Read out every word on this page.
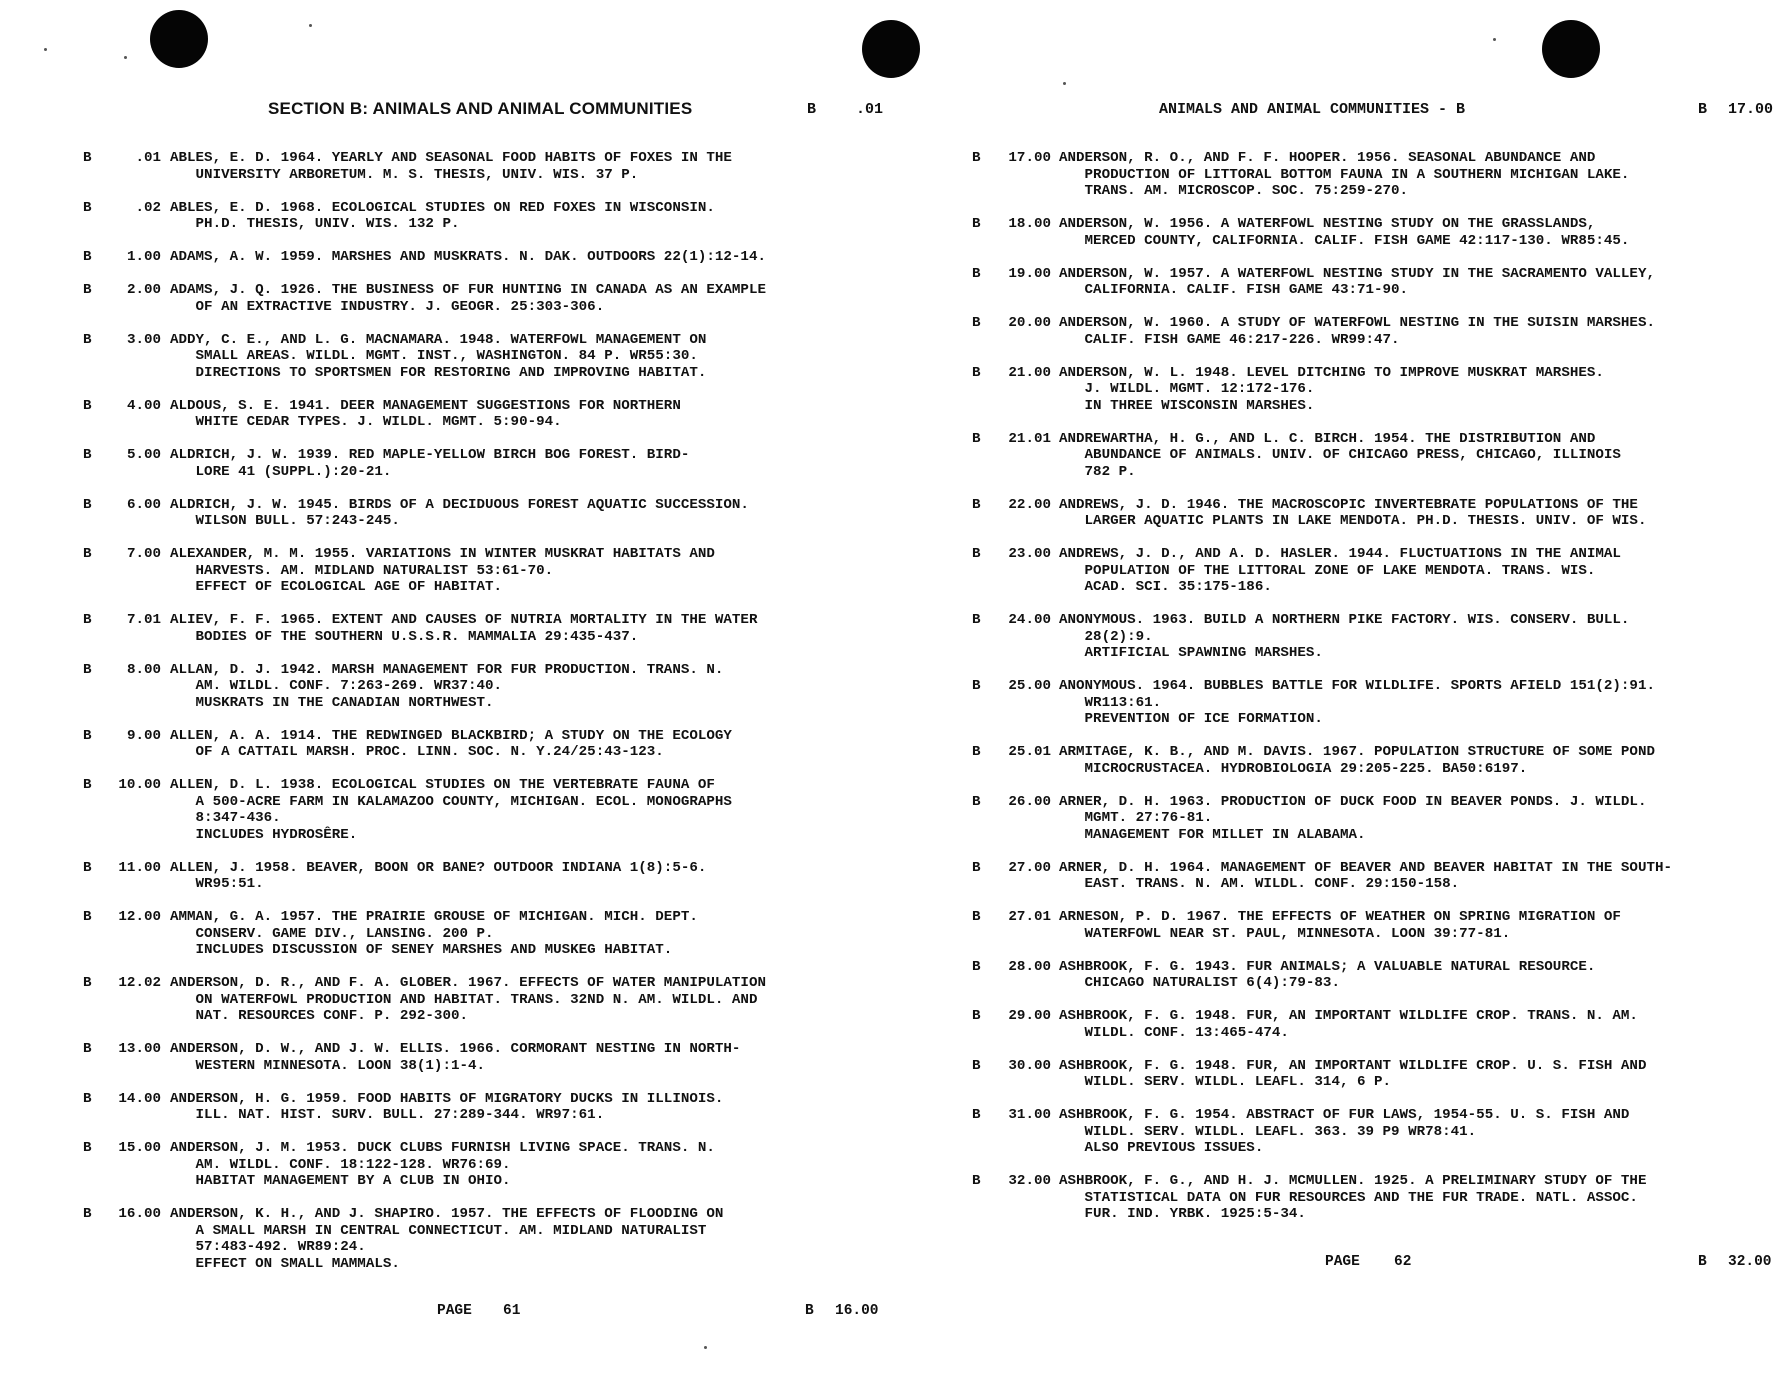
SECTION B: ANIMALS AND ANIMAL COMMUNITIES	B	.01
B	.01 ABLES, E. D. 1964. YEARLY AND SEASONAL FOOD HABITS OF FOXES IN THE
UNIVERSITY ARBORETUM. M. S. THESIS, UNIV. WIS. 37 P.
B	.02 ABLES, E. D. 1968. ECOLOGICAL STUDIES ON RED FOXES IN WISCONSIN.
PH.D. THESIS, UNIV. WIS. 132 P.
B	1.00 ADAMS, A. W. 1959. MARSHES AND MUSKRATS. N. DAK. OUTDOORS 22(1):12-14.
B	2.00 ADAMS, J. Q. 1926. THE BUSINESS OF FUR HUNTING IN CANADA AS AN EXAMPLE
OF AN EXTRACTIVE INDUSTRY. J. GEOGR. 25:303-306.
B	3.00 ADDY, C. E., AND L. G. MACNAMARA. 1948. WATERFOWL MANAGEMENT ON
SMALL AREAS. WILDL. MGMT. INST., WASHINGTON. 84 P. WR55:30.
DIRECTIONS TO SPORTSMEN FOR RESTORING AND IMPROVING HABITAT.
B	4.00 ALDOUS, S. E. 1941. DEER MANAGEMENT SUGGESTIONS FOR NORTHERN
WHITE CEDAR TYPES. J. WILDL. MGMT. 5:90-94.
B	5.00 ALDRICH, J. W. 1939. RED MAPLE-YELLOW BIRCH BOG FOREST. BIRD-
LORE 41 (SUPPL.):20-21.
B	6.00 ALDRICH, J. W. 1945. BIRDS OF A DECIDUOUS FOREST AQUATIC SUCCESSION.
WILSON BULL. 57:243-245.
B	7.00 ALEXANDER, M. M. 1955. VARIATIONS IN WINTER MUSKRAT HABITATS AND
HARVESTS. AM. MIDLAND NATURALIST 53:61-70.
EFFECT OF ECOLOGICAL AGE OF HABITAT.
B	7.01 ALIEV, F. F. 1965. EXTENT AND CAUSES OF NUTRIA MORTALITY IN THE WATER
BODIES OF THE SOUTHERN U.S.S.R. MAMMALIA 29:435-437.
B	8.00 ALLAN, D. J. 1942. MARSH MANAGEMENT FOR FUR PRODUCTION. TRANS. N.
AM. WILDL. CONF. 7:263-269. WR37:40.
MUSKRATS IN THE CANADIAN NORTHWEST.
B	9.00 ALLEN, A. A. 1914. THE REDWINGED BLACKBIRD; A STUDY ON THE ECOLOGY
OF A CATTAIL MARSH. PROC. LINN. SOC. N. Y.24/25:43-123.
B	10.00 ALLEN, D. L. 1938. ECOLOGICAL STUDIES ON THE VERTEBRATE FAUNA OF
A 500-ACRE FARM IN KALAMAZOO COUNTY, MICHIGAN. ECOL. MONOGRAPHS
8:347-436.
INCLUDES HYDROSÊRE.
B	11.00 ALLEN, J. 1958. BEAVER, BOON OR BANE? OUTDOOR INDIANA 1(8):5-6.
WR95:51.
B	12.00 AMMAN, G. A. 1957. THE PRAIRIE GROUSE OF MICHIGAN. MICH. DEPT.
CONSERV. GAME DIV., LANSING. 200 P.
INCLUDES DISCUSSION OF SENEY MARSHES AND MUSKEG HABITAT.
B	12.02 ANDERSON, D. R., AND F. A. GLOBER. 1967. EFFECTS OF WATER MANIPULATION
ON WATERFOWL PRODUCTION AND HABITAT. TRANS. 32ND N. AM. WILDL. AND
NAT. RESOURCES CONF. P. 292-300.
B	13.00 ANDERSON, D. W., AND J. W. ELLIS. 1966. CORMORANT NESTING IN NORTH-
WESTERN MINNESOTA. LOON 38(1):1-4.
B	14.00 ANDERSON, H. G. 1959. FOOD HABITS OF MIGRATORY DUCKS IN ILLINOIS.
ILL. NAT. HIST. SURV. BULL. 27:289-344. WR97:61.
B	15.00 ANDERSON, J. M. 1953. DUCK CLUBS FURNISH LIVING SPACE. TRANS. N.
AM. WILDL. CONF. 18:122-128. WR76:69.
HABITAT MANAGEMENT BY A CLUB IN OHIO.
B	16.00 ANDERSON, K. H., AND J. SHAPIRO. 1957. THE EFFECTS OF FLOODING ON
A SMALL MARSH IN CENTRAL CONNECTICUT. AM. MIDLAND NATURALIST
57:483-492. WR89:24.
EFFECT ON SMALL MAMMALS.
PAGE 61	B 16.00
ANIMALS AND ANIMAL COMMUNITIES - B	B 17.00
B	17.00 ANDERSON, R. O., AND F. F. HOOPER. 1956. SEASONAL ABUNDANCE AND
PRODUCTION OF LITTORAL BOTTOM FAUNA IN A SOUTHERN MICHIGAN LAKE.
TRANS. AM. MICROSCOP. SOC. 75:259-270.
B	18.00 ANDERSON, W. 1956. A WATERFOWL NESTING STUDY ON THE GRASSLANDS,
MERCED COUNTY, CALIFORNIA. CALIF. FISH GAME 42:117-130. WR85:45.
B	19.00 ANDERSON, W. 1957. A WATERFOWL NESTING STUDY IN THE SACRAMENTO VALLEY,
CALIFORNIA. CALIF. FISH GAME 43:71-90.
B	20.00 ANDERSON, W. 1960. A STUDY OF WATERFOWL NESTING IN THE SUISIN MARSHES.
CALIF. FISH GAME 46:217-226. WR99:47.
B	21.00 ANDERSON, W. L. 1948. LEVEL DITCHING TO IMPROVE MUSKRAT MARSHES.
J. WILDL. MGMT. 12:172-176.
IN THREE WISCONSIN MARSHES.
B	21.01 ANDREWARTHA, H. G., AND L. C. BIRCH. 1954. THE DISTRIBUTION AND
ABUNDANCE OF ANIMALS. UNIV. OF CHICAGO PRESS, CHICAGO, ILLINOIS
782 P.
B	22.00 ANDREWS, J. D. 1946. THE MACROSCOPIC INVERTEBRATE POPULATIONS OF THE
LARGER AQUATIC PLANTS IN LAKE MENDOTA. PH.D. THESIS. UNIV. OF WIS.
B	23.00 ANDREWS, J. D., AND A. D. HASLER. 1944. FLUCTUATIONS IN THE ANIMAL
POPULATION OF THE LITTORAL ZONE OF LAKE MENDOTA. TRANS. WIS.
ACAD. SCI. 35:175-186.
B	24.00 ANONYMOUS. 1963. BUILD A NORTHERN PIKE FACTORY. WIS. CONSERV. BULL.
28(2):9.
ARTIFICIAL SPAWNING MARSHES.
B	25.00 ANONYMOUS. 1964. BUBBLES BATTLE FOR WILDLIFE. SPORTS AFIELD 151(2):91.
WR113:61.
PREVENTION OF ICE FORMATION.
B	25.01 ARMITAGE, K. B., AND M. DAVIS. 1967. POPULATION STRUCTURE OF SOME POND
MICROCRUSTACEA. HYDROBIOLOGIA 29:205-225. BA50:6197.
B	26.00 ARNER, D. H. 1963. PRODUCTION OF DUCK FOOD IN BEAVER PONDS. J. WILDL.
MGMT. 27:76-81.
MANAGEMENT FOR MILLET IN ALABAMA.
B	27.00 ARNER, D. H. 1964. MANAGEMENT OF BEAVER AND BEAVER HABITAT IN THE SOUTH-
EAST. TRANS. N. AM. WILDL. CONF. 29:150-158.
B	27.01 ARNESON, P. D. 1967. THE EFFECTS OF WEATHER ON SPRING MIGRATION OF
WATERFOWL NEAR ST. PAUL, MINNESOTA. LOON 39:77-81.
B	28.00 ASHBROOK, F. G. 1943. FUR ANIMALS; A VALUABLE NATURAL RESOURCE.
CHICAGO NATURALIST 6(4):79-83.
B	29.00 ASHBROOK, F. G. 1948. FUR, AN IMPORTANT WILDLIFE CROP. TRANS. N. AM.
WILDL. CONF. 13:465-474.
B	30.00 ASHBROOK, F. G. 1948. FUR, AN IMPORTANT WILDLIFE CROP. U. S. FISH AND
WILDL. SERV. WILDL. LEAFL. 314, 6 P.
B	31.00 ASHBROOK, F. G. 1954. ABSTRACT OF FUR LAWS, 1954-55. U. S. FISH AND
WILDL. SERV. WILDL. LEAFL. 363. 39 P9 WR78:41.
ALSO PREVIOUS ISSUES.
B	32.00 ASHBROOK, F. G., AND H. J. MCMULLEN. 1925. A PRELIMINARY STUDY OF THE
STATISTICAL DATA ON FUR RESOURCES AND THE FUR TRADE. NATL. ASSOC.
FUR. IND. YRBK. 1925:5-34.
PAGE 62	B 32.00
